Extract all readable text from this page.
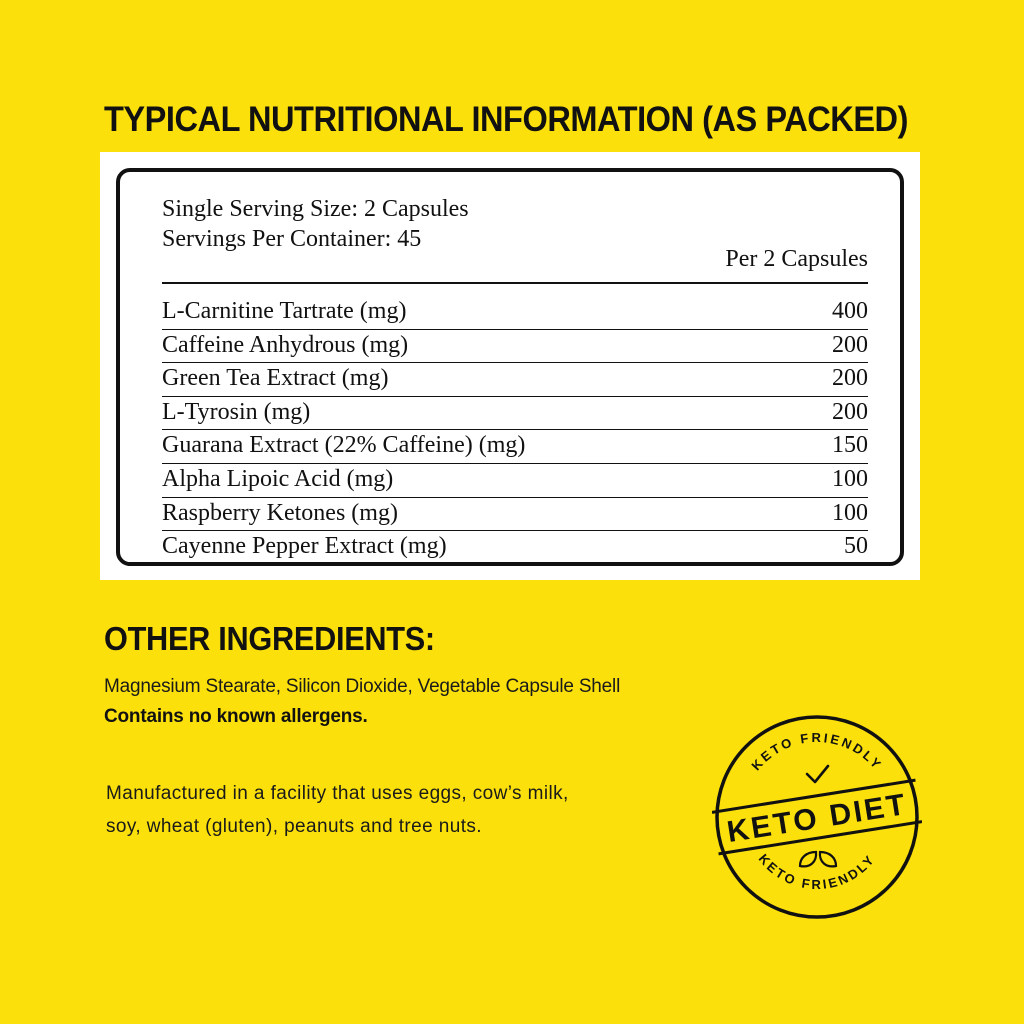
TYPICAL NUTRITIONAL INFORMATION (AS PACKED)
Single Serving Size: 2 Capsules
Servings Per Container: 45
Per 2 Capsules
L-Carnitine Tartrate (mg)	400
Caffeine Anhydrous (mg)	200
Green Tea Extract (mg)	200
L-Tyrosin (mg)	200
Guarana Extract (22% Caffeine) (mg)	150
Alpha Lipoic Acid (mg)	100
Raspberry Ketones (mg)	100
Cayenne Pepper Extract (mg)	50
OTHER INGREDIENTS:
Magnesium Stearate, Silicon Dioxide, Vegetable Capsule Shell
Contains no known allergens.
Manufactured in a facility that uses eggs, cow’s milk, soy, wheat (gluten), peanuts and tree nuts.	KETO DIET
KETO FRIENDLY
KETO FRIENDLY
